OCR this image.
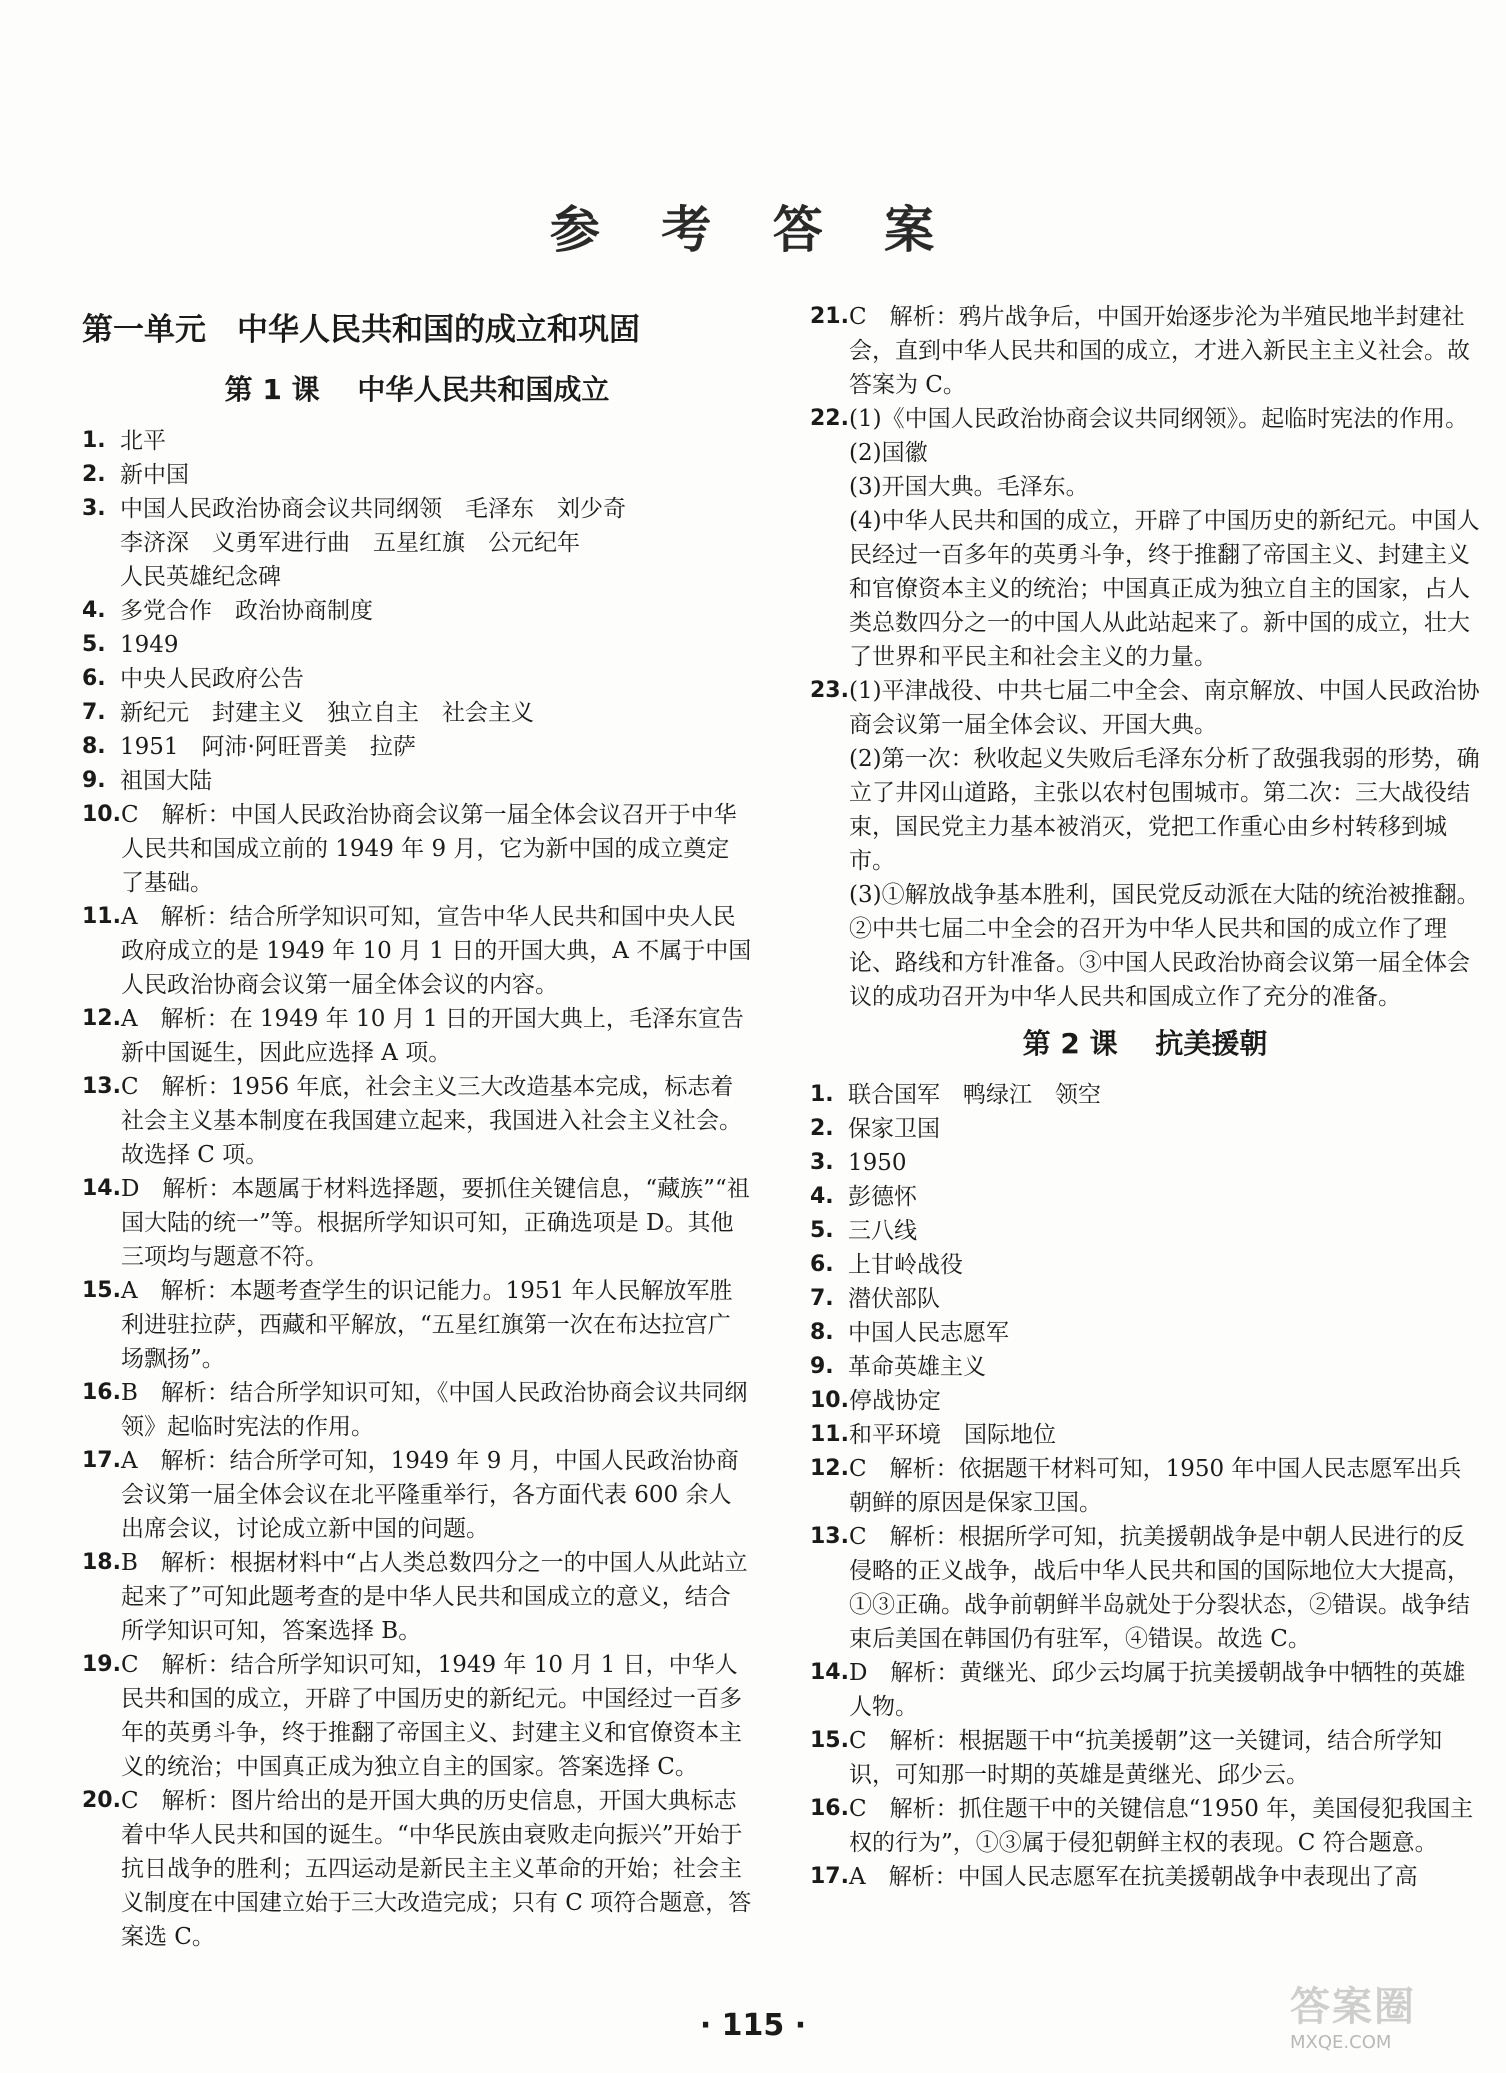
参 考 答 案
第一单元　中华人民共和国的成立和巩固
第 1 课　 中华人民共和国成立
1. 北平
2. 新中国
3. 中国人民政治协商会议共同纲领　毛泽东　刘少奇
李济深　义勇军进行曲　五星红旗　公元纪年
人民英雄纪念碑
4. 多党合作　政治协商制度
5. 1949
6. 中央人民政府公告
7. 新纪元　封建主义　独立自主　社会主义
8. 1951　阿沛·阿旺晋美　拉萨
9. 祖国大陆
10. C　解析：中国人民政治协商会议第一届全体会议召开于中华人民共和国成立前的 1949 年 9 月，它为新中国的成立奠定了基础。
11. A　解析：结合所学知识可知，宣告中华人民共和国中央人民政府成立的是 1949 年 10 月 1 日的开国大典，A 不属于中国人民政治协商会议第一届全体会议的内容。
12. A　解析：在 1949 年 10 月 1 日的开国大典上，毛泽东宣告新中国诞生，因此应选择 A 项。
13. C　解析：1956 年底，社会主义三大改造基本完成，标志着社会主义基本制度在我国建立起来，我国进入社会主义社会。故选择 C 项。
14. D　解析：本题属于材料选择题，要抓住关键信息，“藏族”“祖国大陆的统一”等。根据所学知识可知，正确选项是 D。其他三项均与题意不符。
15. A　解析：本题考查学生的识记能力。1951 年人民解放军胜利进驻拉萨，西藏和平解放，“五星红旗第一次在布达拉宫广场飘扬”。
16. B　解析：结合所学知识可知，《中国人民政治协商会议共同纲领》起临时宪法的作用。
17. A　解析：结合所学可知，1949 年 9 月，中国人民政治协商会议第一届全体会议在北平隆重举行，各方面代表 600 余人出席会议，讨论成立新中国的问题。
18. B　解析：根据材料中“占人类总数四分之一的中国人从此站立起来了”可知此题考查的是中华人民共和国成立的意义，结合所学知识可知，答案选择 B。
19. C　解析：结合所学知识可知，1949 年 10 月 1 日，中华人民共和国的成立，开辟了中国历史的新纪元。中国经过一百多年的英勇斗争，终于推翻了帝国主义、封建主义和官僚资本主义的统治；中国真正成为独立自主的国家。答案选择 C。
20. C　解析：图片给出的是开国大典的历史信息，开国大典标志着中华人民共和国的诞生。“中华民族由衰败走向振兴”开始于抗日战争的胜利；五四运动是新民主主义革命的开始；社会主义制度在中国建立始于三大改造完成；只有 C 项符合题意，答案选 C。
21. C　解析：鸦片战争后，中国开始逐步沦为半殖民地半封建社会，直到中华人民共和国的成立，才进入新民主主义社会。故答案为 C。
22. (1)《中国人民政治协商会议共同纲领》。起临时宪法的作用。
(2)国徽
(3)开国大典。毛泽东。
(4)中华人民共和国的成立，开辟了中国历史的新纪元。中国人民经过一百多年的英勇斗争，终于推翻了帝国主义、封建主义和官僚资本主义的统治；中国真正成为独立自主的国家，占人类总数四分之一的中国人从此站起来了。新中国的成立，壮大了世界和平民主和社会主义的力量。
23. (1)平津战役、中共七届二中全会、南京解放、中国人民政治协商会议第一届全体会议、开国大典。
(2)第一次：秋收起义失败后毛泽东分析了敌强我弱的形势，确立了井冈山道路，主张以农村包围城市。第二次：三大战役结束，国民党主力基本被消灭，党把工作重心由乡村转移到城市。
(3)①解放战争基本胜利，国民党反动派在大陆的统治被推翻。②中共七届二中全会的召开为中华人民共和国的成立作了理论、路线和方针准备。③中国人民政治协商会议第一届全体会议的成功召开为中华人民共和国成立作了充分的准备。
第 2 课　 抗美援朝
1. 联合国军　鸭绿江　领空
2. 保家卫国
3. 1950
4. 彭德怀
5. 三八线
6. 上甘岭战役
7. 潜伏部队
8. 中国人民志愿军
9. 革命英雄主义
10. 停战协定
11. 和平环境　国际地位
12. C　解析：依据题干材料可知，1950 年中国人民志愿军出兵朝鲜的原因是保家卫国。
13. C　解析：根据所学可知，抗美援朝战争是中朝人民进行的反侵略的正义战争，战后中华人民共和国的国际地位大大提高，①③正确。战争前朝鲜半岛就处于分裂状态，②错误。战争结束后美国在韩国仍有驻军，④错误。故选 C。
14. D　解析：黄继光、邱少云均属于抗美援朝战争中牺牲的英雄人物。
15. C　解析：根据题干中“抗美援朝”这一关键词，结合所学知识，可知那一时期的英雄是黄继光、邱少云。
16. C　解析：抓住题干中的关键信息“1950 年，美国侵犯我国主权的行为”，①③属于侵犯朝鲜主权的表现。C 符合题意。
17. A　解析：中国人民志愿军在抗美援朝战争中表现出了高
· 115 ·	答案圈
MXQE.COM
